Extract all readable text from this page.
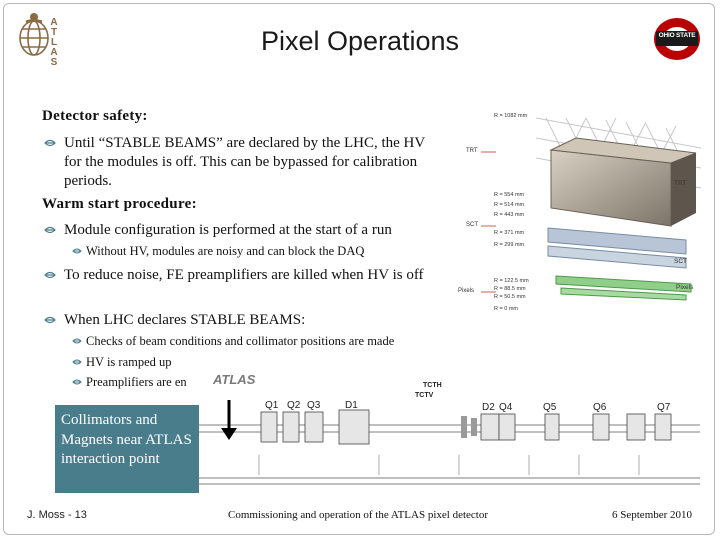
ATLAS
OHIO STATE
Pixel Operations
Detector safety:
Until “STABLE BEAMS” are declared by the LHC, the HV for the modules is off. This can be bypassed for calibration periods.
Warm start procedure:
Module configuration is performed at the start of a run
Without HV, modules are noisy and can block the DAQ
To reduce noise, FE preamplifiers are killed when HV is off
When LHC declares STABLE BEAMS:
Checks of beam conditions and collimator positions are made
HV is ramped up
Preamplifiers are en
R = 1082 mm
R = 554 mm
R = 514 mm
R = 443 mm
R = 371 mm
R = 299 mm
R = 122.5 mm
R = 88.5 mm
R = 50.5 mm
R = 0 mm
TRT
SCT
Pixels
TRT
SCT
Pixels
ATLAS
Q1 Q2 Q3 D1	D2 Q4	Q5	Q6	Q7
TCTH
TCTV
Collimators and Magnets near ATLAS interaction point
J. Moss - 13	Commissioning and operation of the ATLAS pixel detector	6 September 2010
